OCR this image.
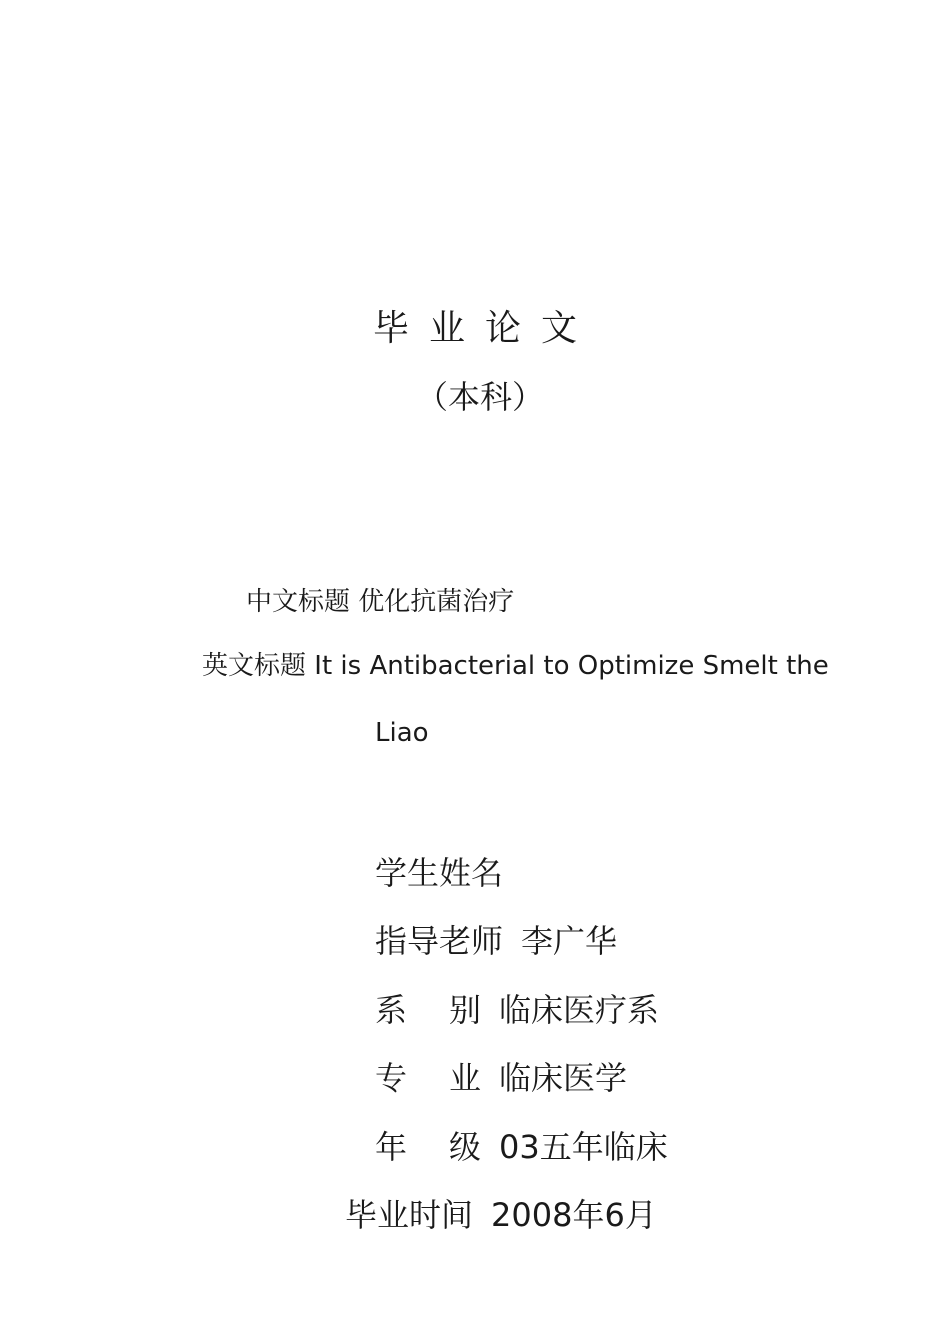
毕业论文
（本科）
中文标题 优化抗菌治疗
英文标题 It is Antibacterial to Optimize Smelt the
Liao
学生姓名
指导老师 李广华
系 别 临床医疗系
专 业 临床医学
年 级 03五年临床
毕业时间 2008年6月
